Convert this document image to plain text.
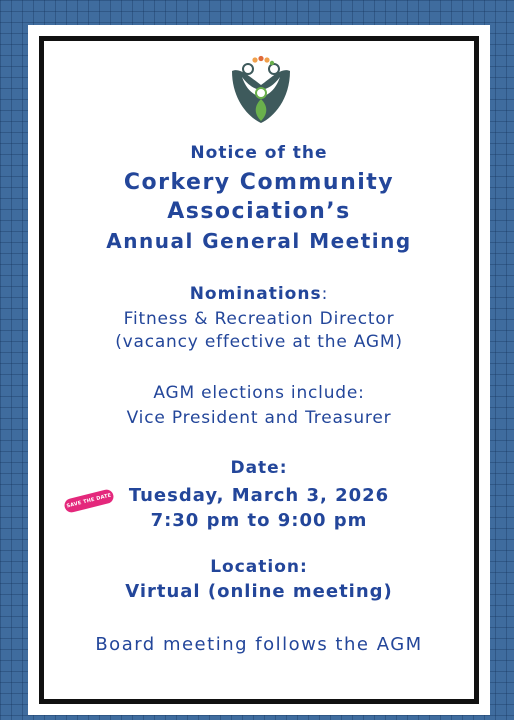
Notice of the
Corkery Community
Association’s
Annual General Meeting
Nominations:
Fitness & Recreation Director
(vacancy effective at the AGM)
AGM elections include:
Vice President and Treasurer
Date:
Tuesday, March 3, 2026
7:30 pm to 9:00 pm
SAVE THE DATE
Location:
Virtual (online meeting)
Board meeting follows the AGM
